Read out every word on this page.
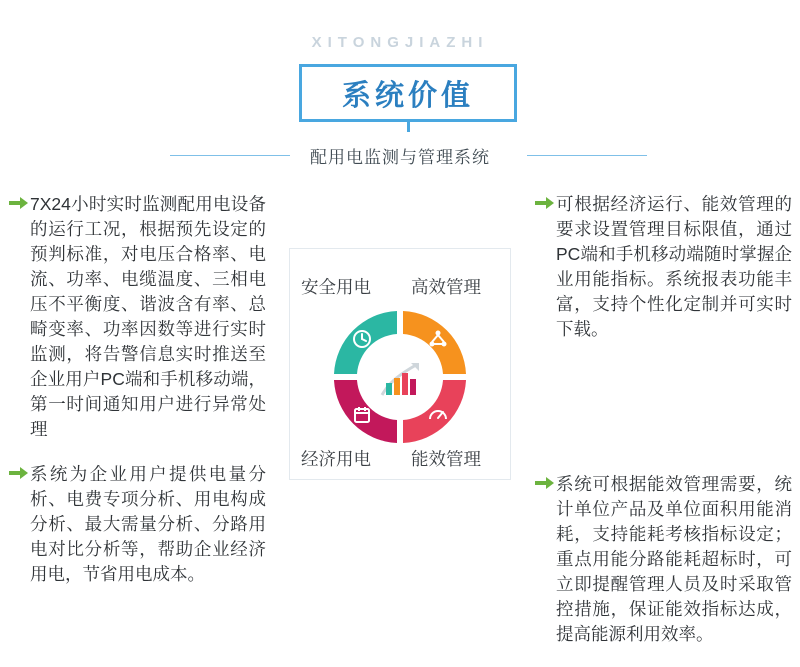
XITONGJIAZHI
系统价值
配用电监测与管理系统
7X24小时实时监测配用电设备的运行工况，根据预先设定的预判标准，对电压合格率、电流、功率、电缆温度、三相电压不平衡度、谐波含有率、总畸变率、功率因数等进行实时监测，将告警信息实时推送至企业用户PC端和手机移动端，第一时间通知用户进行异常处理
系统为企业用户提供电量分析、电费专项分析、用电构成分析、最大需量分析、分路用电对比分析等，帮助企业经济用电，节省用电成本。
可根据经济运行、能效管理的要求设置管理目标限值，通过PC端和手机移动端随时掌握企业用能指标。系统报表功能丰富，支持个性化定制并可实时下载。
系统可根据能效管理需要，统计单位产品及单位面积用能消耗，支持能耗考核指标设定；重点用能分路能耗超标时，可立即提醒管理人员及时采取管控措施，保证能效指标达成，提高能源利用效率。
安全用电 高效管理
经济用电 能效管理
